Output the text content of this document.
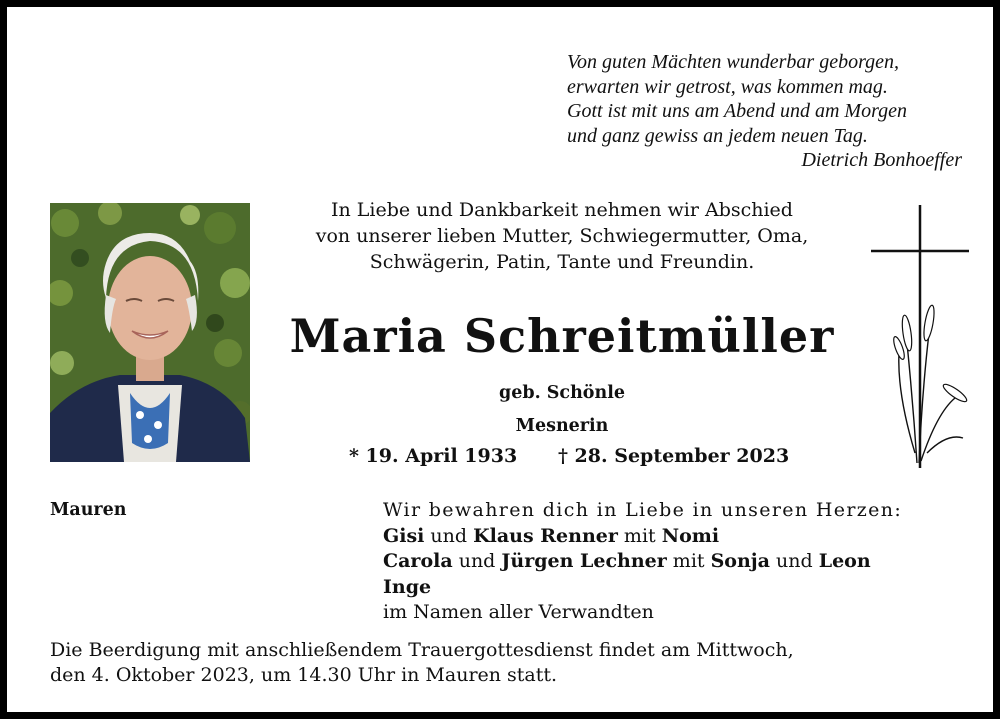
Von guten Mächten wunderbar geborgen,
erwarten wir getrost, was kommen mag.
Gott ist mit uns am Abend und am Morgen
und ganz gewiss an jedem neuen Tag.
Dietrich Bonhoeffer
In Liebe und Dankbarkeit nehmen wir Abschied
von unserer lieben Mutter, Schwiegermutter, Oma,
Schwägerin, Patin, Tante und Freundin.
Maria Schreitmüller
geb. Schönle
Mesnerin
* 19. April 1933 † 28. September 2023
Mauren	Wir bewahren dich in Liebe in unseren Herzen:
Gisi und Klaus Renner mit Nomi
Carola und Jürgen Lechner mit Sonja und Leon
Inge
im Namen aller Verwandten
Die Beerdigung mit anschließendem Trauergottesdienst findet am Mittwoch,
den 4. Oktober 2023, um 14.30 Uhr in Mauren statt.
